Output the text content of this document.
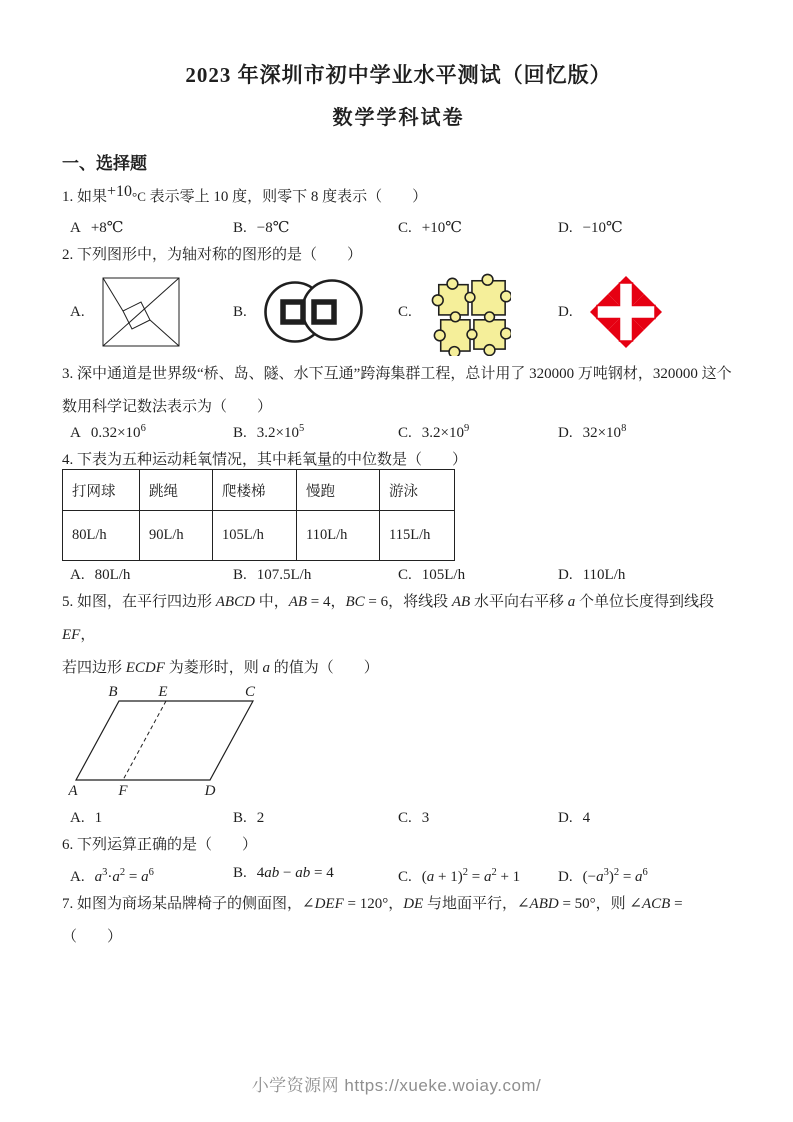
2023 年深圳市初中学业水平测试（回忆版）
数学学科试卷
一、选择题

1. 如果+10°C 表示零上 10 度，则零下 8 度表示（　　）

A +8℃	B. −8℃	C. +10℃	D. −10℃

2. 下列图形中，为轴对称的图形的是（　　）

A.	B.	C.	D.

3. 深中通道是世界级“桥、岛、隧、水下互通”跨海集群工程，总计用了 320000 万吨钢材，320000 这个
数用科学记数法表示为（　　）

A $0.32\times 10^6$	B. $3.2\times 10^5$	C. $3.2\times 10^9$	D. $32\times 10^8$

4. 下表为五种运动耗氧情况，其中耗氧量的中位数是（　　）

打网球	跳绳	爬楼梯	慢跑	游泳
80L/h	90L/h	105L/h	110L/h	115L/h
A. 80L/h	B. 107.5L/h	C. 105L/h	D. 110L/h

5. 如图，在平行四边形 ABCD 中，AB = 4，BC = 6，将线段 AB 水平向右平移 a 个单位长度得到线段 EF，
若四边形 ECDF 为菱形时，则 a 的值为（　　）

B	E	C
A	F	D
A. 1	B. 2	C. 3	D. 4

6. 下列运算正确的是（　　）

A. $a^3\cdot a^2 = a^6$	B. 4ab − ab = 4	C. $(a + 1)^2 = a^2 + 1$	D. $(-a^3)^2 = a^6$

7. 如图为商场某品牌椅子的侧面图，∠DEF = 120°，DE 与地面平行，∠ABD = 50°，则 ∠ACB =（　　）

小学资源网 https://xueke.woiay.com/
